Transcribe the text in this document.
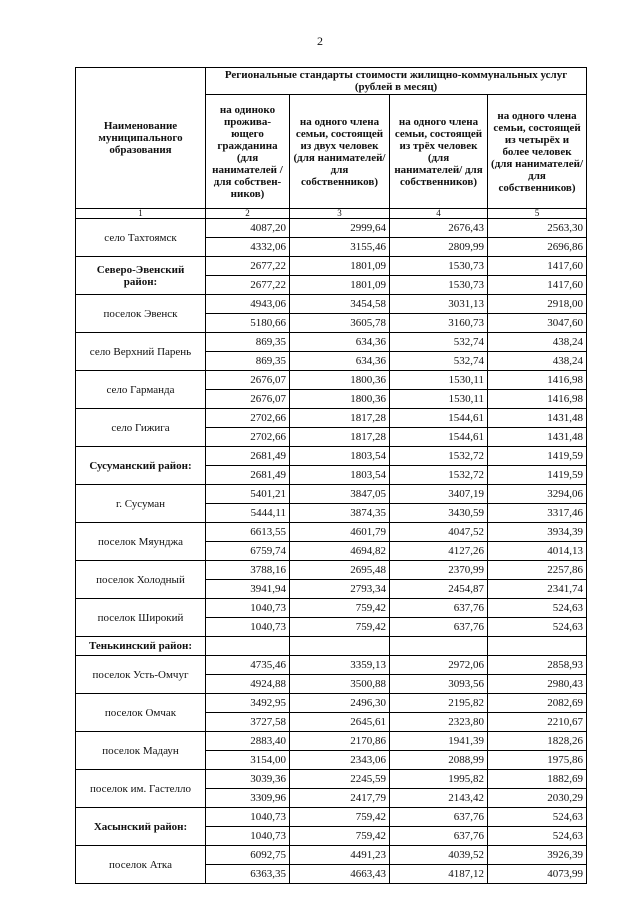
2
Наименование муниципального образования	Региональные стандарты стоимости жилищно-коммунальных услуг (рублей в месяц)			
	на одиноко прожива-ющего гражданина (для нанимателей /для собствен-ников)	на одного члена семьи, состоящей из двух человек (для нанимателей/ для собственников)	на одного члена семьи, состоящей из трёх человек (для нанимателей/ для собственников)	на одного члена семьи, состоящей из четырёх и более человек (для нанимателей/ для собственников)
1	2	3	4	5
село Тахтоямск	4087,20	2999,64	2676,43	2563,30
	4332,06	3155,46	2809,99	2696,86
Северо-Эвенский район:	2677,22	1801,09	1530,73	1417,60
	2677,22	1801,09	1530,73	1417,60
поселок Эвенск	4943,06	3454,58	3031,13	2918,00
	5180,66	3605,78	3160,73	3047,60
село Верхний Парень	869,35	634,36	532,74	438,24
	869,35	634,36	532,74	438,24
село Гарманда	2676,07	1800,36	1530,11	1416,98
	2676,07	1800,36	1530,11	1416,98
село Гижига	2702,66	1817,28	1544,61	1431,48
	2702,66	1817,28	1544,61	1431,48
Сусуманский район:	2681,49	1803,54	1532,72	1419,59
	2681,49	1803,54	1532,72	1419,59
г. Сусуман	5401,21	3847,05	3407,19	3294,06
	5444,11	3874,35	3430,59	3317,46
поселок Мяунджа	6613,55	4601,79	4047,52	3934,39
	6759,74	4694,82	4127,26	4014,13
поселок Холодный	3788,16	2695,48	2370,99	2257,86
	3941,94	2793,34	2454,87	2341,74
поселок Широкий	1040,73	759,42	637,76	524,63
	1040,73	759,42	637,76	524,63
Тенькинский район:				
поселок Усть-Омчуг	4735,46	3359,13	2972,06	2858,93
	4924,88	3500,88	3093,56	2980,43
поселок Омчак	3492,95	2496,30	2195,82	2082,69
	3727,58	2645,61	2323,80	2210,67
поселок Мадаун	2883,40	2170,86	1941,39	1828,26
	3154,00	2343,06	2088,99	1975,86
поселок им. Гастелло	3039,36	2245,59	1995,82	1882,69
	3309,96	2417,79	2143,42	2030,29
Хасынский район:	1040,73	759,42	637,76	524,63
	1040,73	759,42	637,76	524,63
поселок Атка	6092,75	4491,23	4039,52	3926,39
	6363,35	4663,43	4187,12	4073,99
